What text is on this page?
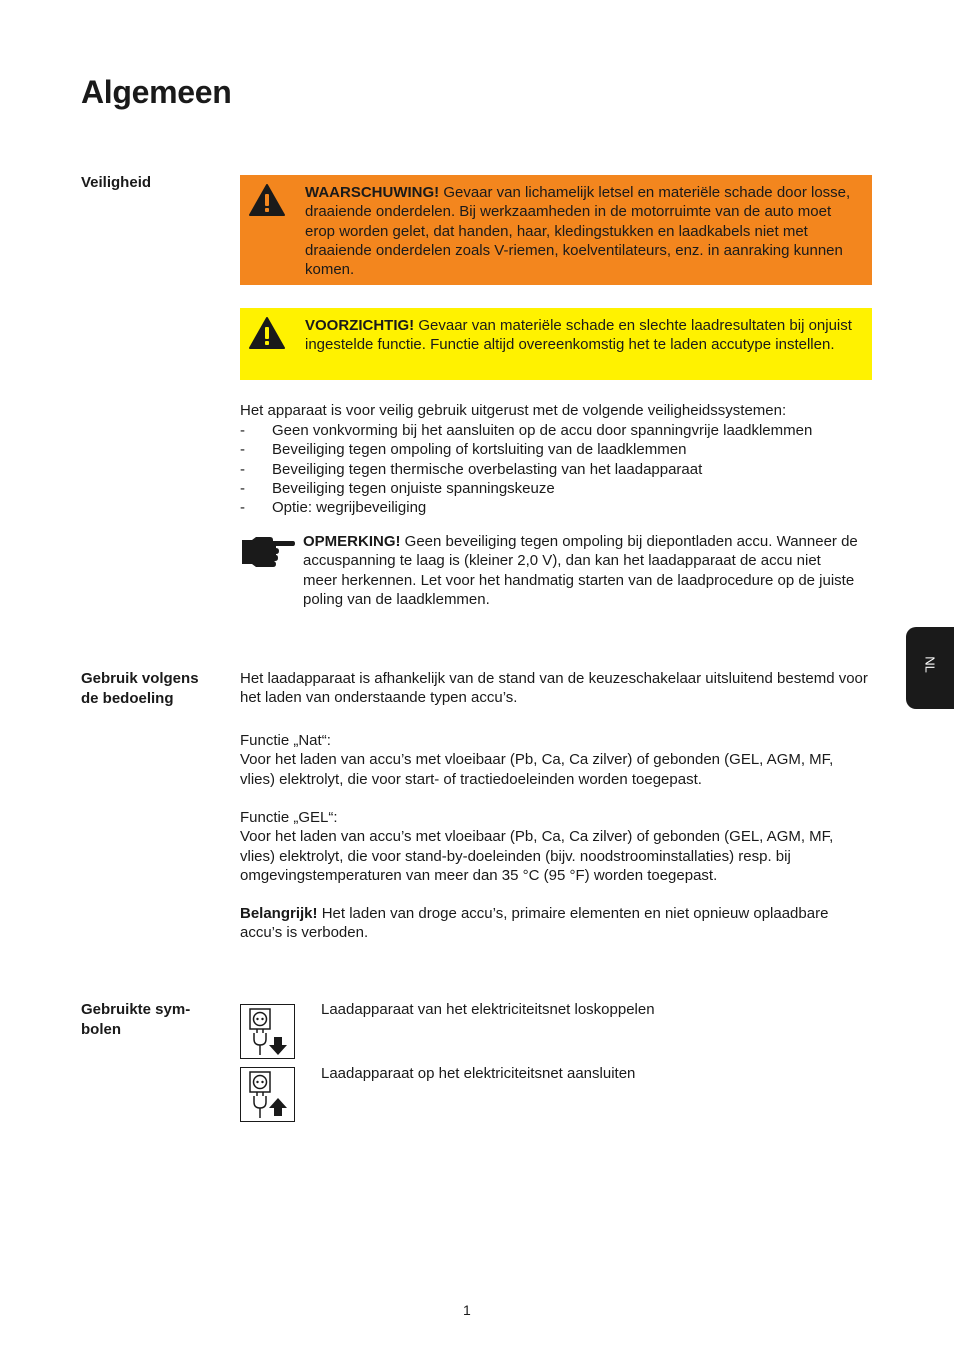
Algemeen
Veiligheid
WAARSCHUWING! Gevaar van lichamelijk letsel en materiële schade door losse, draaiende onderdelen. Bij werkzaamheden in de motorruimte van de auto moet erop worden gelet, dat handen, haar, kledingstukken en laadkabels niet met draaiende onderdelen zoals V-riemen, koelventilateurs, enz. in aanraking kunnen komen.
VOORZICHTIG! Gevaar van materiële schade en slechte laadresultaten bij onjuist ingestelde functie. Functie altijd overeenkomstig het te laden accutype instellen.
Het apparaat is voor veilig gebruik uitgerust met de volgende veiligheidssystemen:
- Geen vonkvorming bij het aansluiten op de accu door spanningvrije laadklemmen
- Beveiliging tegen ompoling of kortsluiting van de laadklemmen
- Beveiliging tegen thermische overbelasting van het laadapparaat
- Beveiliging tegen onjuiste spanningskeuze
- Optie: wegrijbeveiliging
OPMERKING! Geen beveiliging tegen ompoling bij diepontladen accu. Wanneer de accuspanning te laag is (kleiner 2,0 V), dan kan het laadapparaat de accu niet meer herkennen. Let voor het handmatig starten van de laadprocedure op de juiste poling van de laadklemmen.
Gebruik volgens
de bedoeling
Het laadapparaat is afhankelijk van de stand van de keuzeschakelaar uitsluitend bestemd voor het laden van onderstaande typen accu’s.
Functie „Nat“:
Voor het laden van accu’s met vloeibaar (Pb, Ca, Ca zilver) of gebonden (GEL, AGM, MF, vlies) elektrolyt, die voor start- of tractiedoeleinden worden toegepast.
Functie „GEL“:
Voor het laden van accu’s met vloeibaar (Pb, Ca, Ca zilver) of gebonden (GEL, AGM, MF, vlies) elektrolyt, die voor stand-by-doeleinden (bijv. noodstroominstallaties) resp. bij omgevingstemperaturen van meer dan 35 °C (95 °F) worden toegepast.
Belangrijk! Het laden van droge accu’s, primaire elementen en niet opnieuw oplaadbare accu’s is verboden.
Gebruikte sym-
bolen
Laadapparaat van het elektriciteitsnet loskoppelen
Laadapparaat op het elektriciteitsnet aansluiten
NL
1
